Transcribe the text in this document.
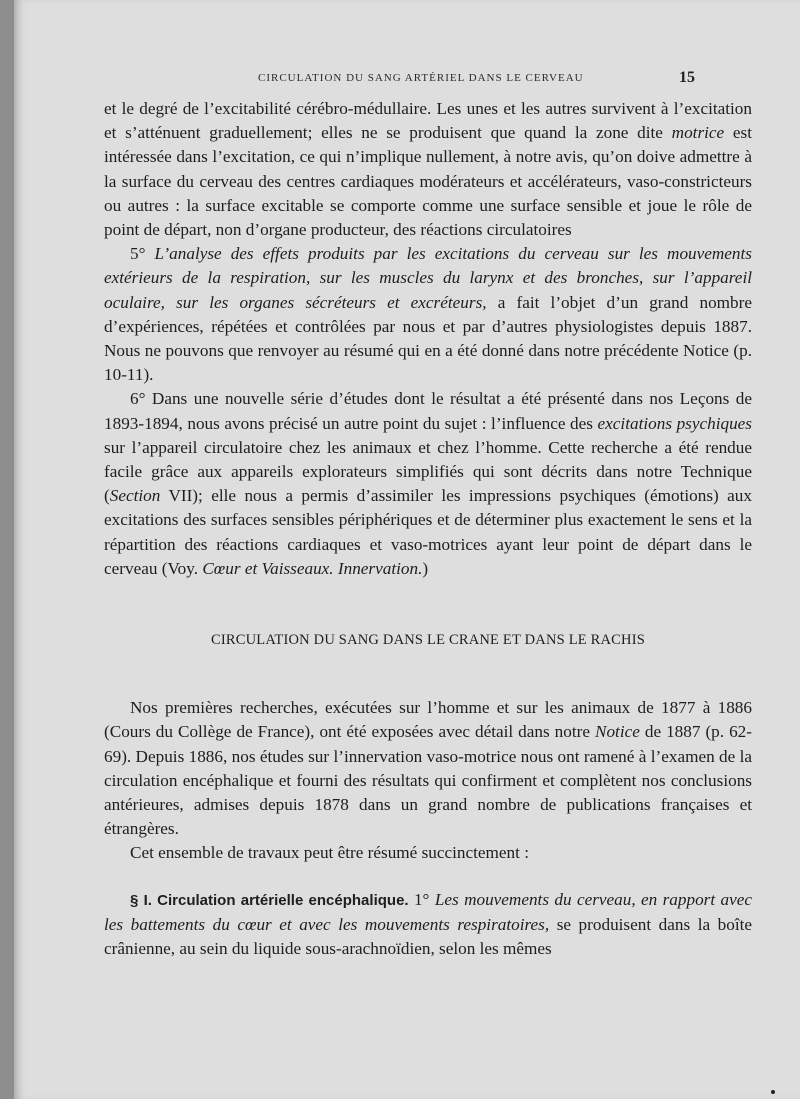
CIRCULATION DU SANG ARTÉRIEL DANS LE CERVEAU	15

et le degré de l’excitabilité cérébro-médullaire. Les unes et les autres survivent à l’excitation et s’atténuent graduellement; elles ne se produisent que quand la zone dite motrice est intéressée dans l’excitation, ce qui n’implique nullement, à notre avis, qu’on doive admettre à la surface du cerveau des centres cardiaques modérateurs et accélérateurs, vaso-constricteurs ou autres : la surface excitable se comporte comme une surface sensible et joue le rôle de point de départ, non d’organe producteur, des réactions circulatoires

5° L’analyse des effets produits par les excitations du cerveau sur les mouvements extérieurs de la respiration, sur les muscles du larynx et des bronches, sur l’appareil oculaire, sur les organes sécréteurs et excréteurs, a fait l’objet d’un grand nombre d’expériences, répétées et contrôlées par nous et par d’autres physiologistes depuis 1887. Nous ne pouvons que renvoyer au résumé qui en a été donné dans notre précédente Notice (p. 10-11).

6° Dans une nouvelle série d’études dont le résultat a été présenté dans nos Leçons de 1893-1894, nous avons précisé un autre point du sujet : l’influence des excitations psychiques sur l’appareil circulatoire chez les animaux et chez l’homme. Cette recherche a été rendue facile grâce aux appareils explorateurs simplifiés qui sont décrits dans notre Technique (Section VII); elle nous a permis d’assimiler les impressions psychiques (émotions) aux excitations des surfaces sensibles périphériques et de déterminer plus exactement le sens et la répartition des réactions cardiaques et vaso-motrices ayant leur point de départ dans le cerveau (Voy. Cœur et Vaisseaux. Innervation.)

CIRCULATION DU SANG DANS LE CRANE ET DANS LE RACHIS

Nos premières recherches, exécutées sur l’homme et sur les animaux de 1877 à 1886 (Cours du Collège de France), ont été exposées avec détail dans notre Notice de 1887 (p. 62-69). Depuis 1886, nos études sur l’innervation vaso-motrice nous ont ramené à l’examen de la circulation encéphalique et fourni des résultats qui confirment et complètent nos conclusions antérieures, admises depuis 1878 dans un grand nombre de publications françaises et étrangères.

Cet ensemble de travaux peut être résumé succinctement :

§ I. Circulation artérielle encéphalique. 1° Les mouvements du cerveau, en rapport avec les battements du cœur et avec les mouvements respiratoires, se produisent dans la boîte crânienne, au sein du liquide sous-arachnoïdien, selon les mêmes
